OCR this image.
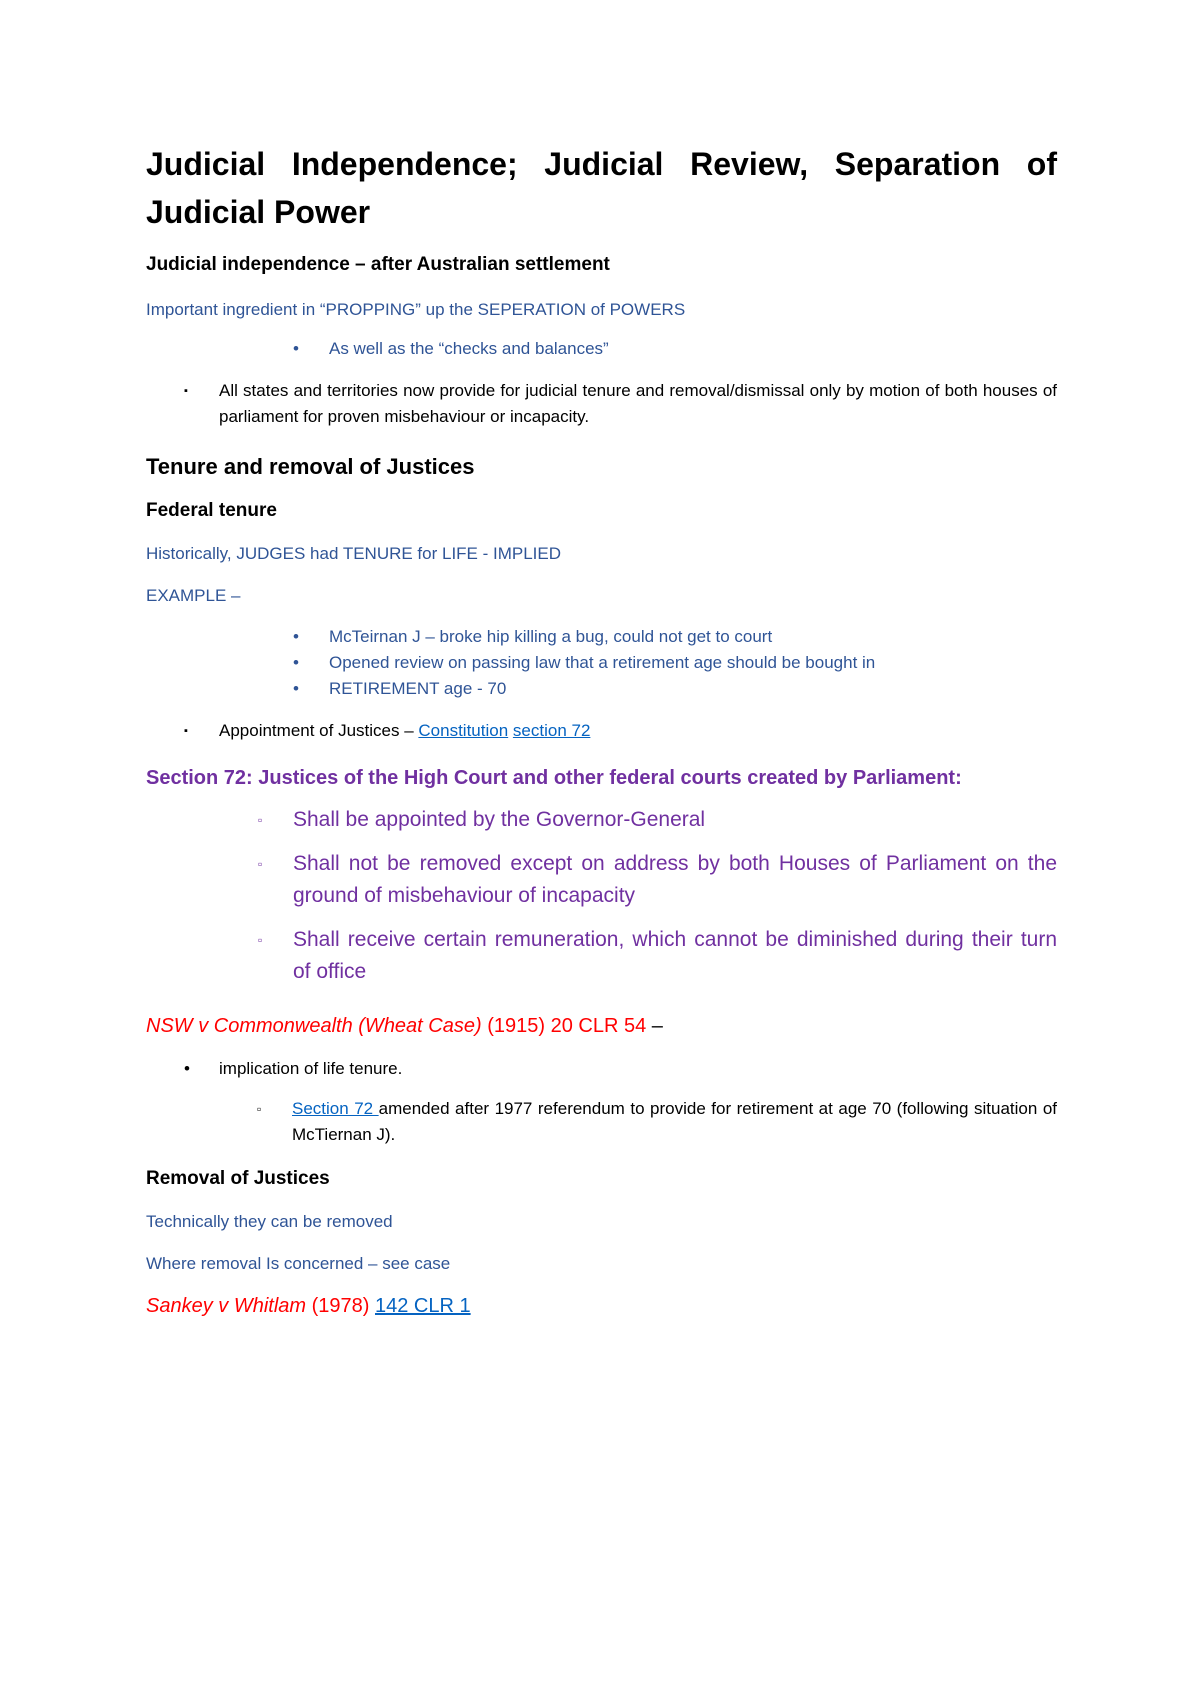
Judicial Independence; Judicial Review, Separation of Judicial Power
Judicial independence – after Australian settlement

Important ingredient in “PROPPING” up the SEPERATION of POWERS

• As well as the “checks and balances”
▪ All states and territories now provide for judicial tenure and removal/dismissal only by motion of both houses of parliament for proven misbehaviour or incapacity.
Tenure and removal of Justices
Federal tenure

Historically, JUDGES had TENURE for LIFE - IMPLIED

EXAMPLE –

• McTeirnan J – broke hip killing a bug, could not get to court
• Opened review on passing law that a retirement age should be bought in
• RETIREMENT age - 70
▪ Appointment of Justices – Constitution section 72
Section 72: Justices of the High Court and other federal courts created by Parliament:
▫ Shall be appointed by the Governor-General
▫ Shall not be removed except on address by both Houses of Parliament on the ground of misbehaviour of incapacity
▫ Shall receive certain remuneration, which cannot be diminished during their turn of office

NSW v Commonwealth (Wheat Case) (1915) 20 CLR 54 –

• implication of life tenure.
▫ Section 72 amended after 1977 referendum to provide for retirement at age 70 (following situation of McTiernan J).
Removal of Justices

Technically they can be removed

Where removal Is concerned – see case

Sankey v Whitlam (1978) 142 CLR 1
